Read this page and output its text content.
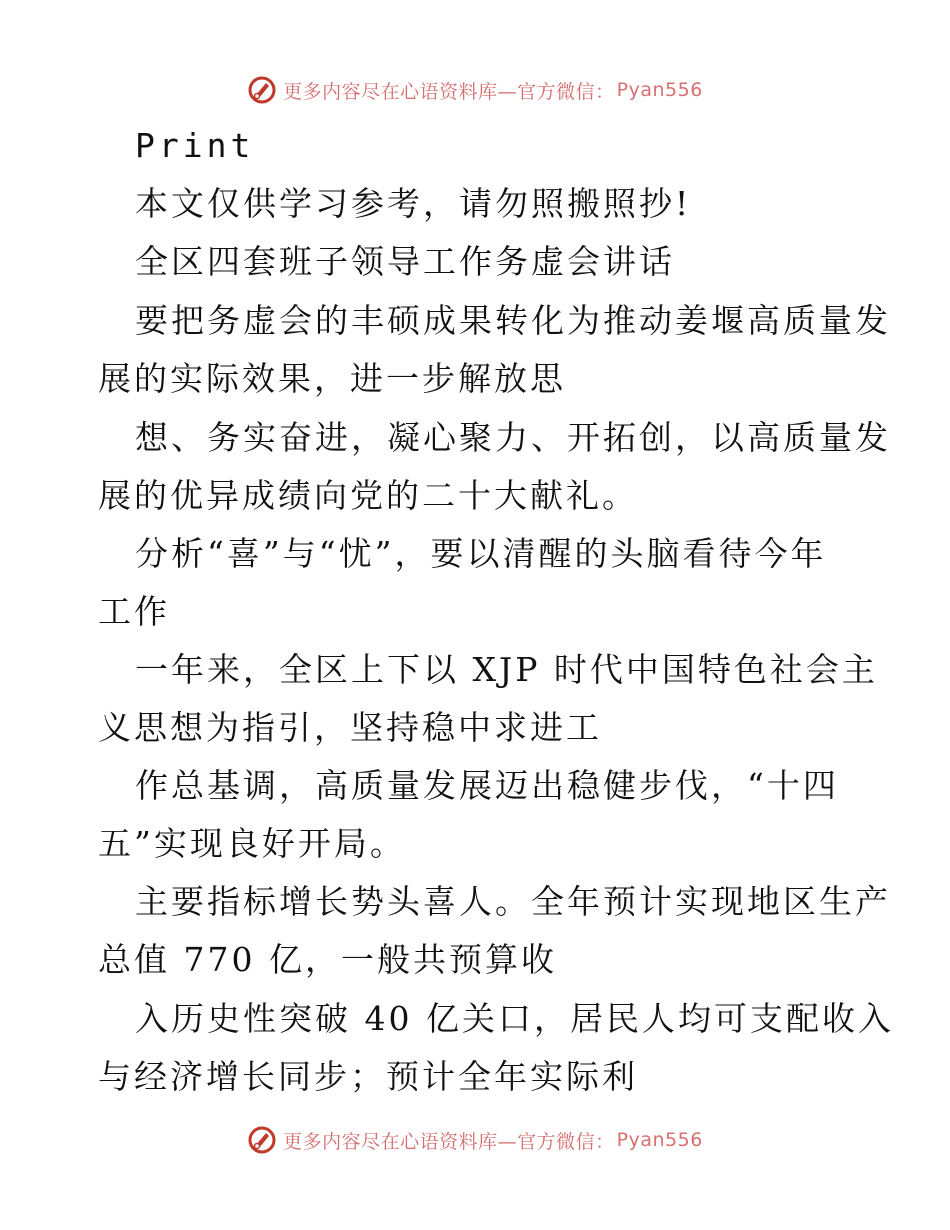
更多内容尽在心语资料库—官方微信： Pyan556
Print
本文仅供学习参考，请勿照搬照抄!
全区四套班子领导工作务虚会讲话
要把务虚会的丰硕成果转化为推动姜堰高质量发
展的实际效果，进一步解放思
想、务实奋进，凝心聚力、开拓创，以高质量发
展的优异成绩向党的二十大献礼。
分析“喜”与“忧”，要以清醒的头脑看待今年
工作
一年来，全区上下以 XJP 时代中国特色社会主
义思想为指引，坚持稳中求进工
作总基调，高质量发展迈出稳健步伐，“十四
五”实现良好开局。
主要指标增长势头喜人。全年预计实现地区生产
总值 770 亿，一般共预算收
入历史性突破 40 亿关口，居民人均可支配收入
与经济增长同步；预计全年实际利
更多内容尽在心语资料库—官方微信： Pyan556
